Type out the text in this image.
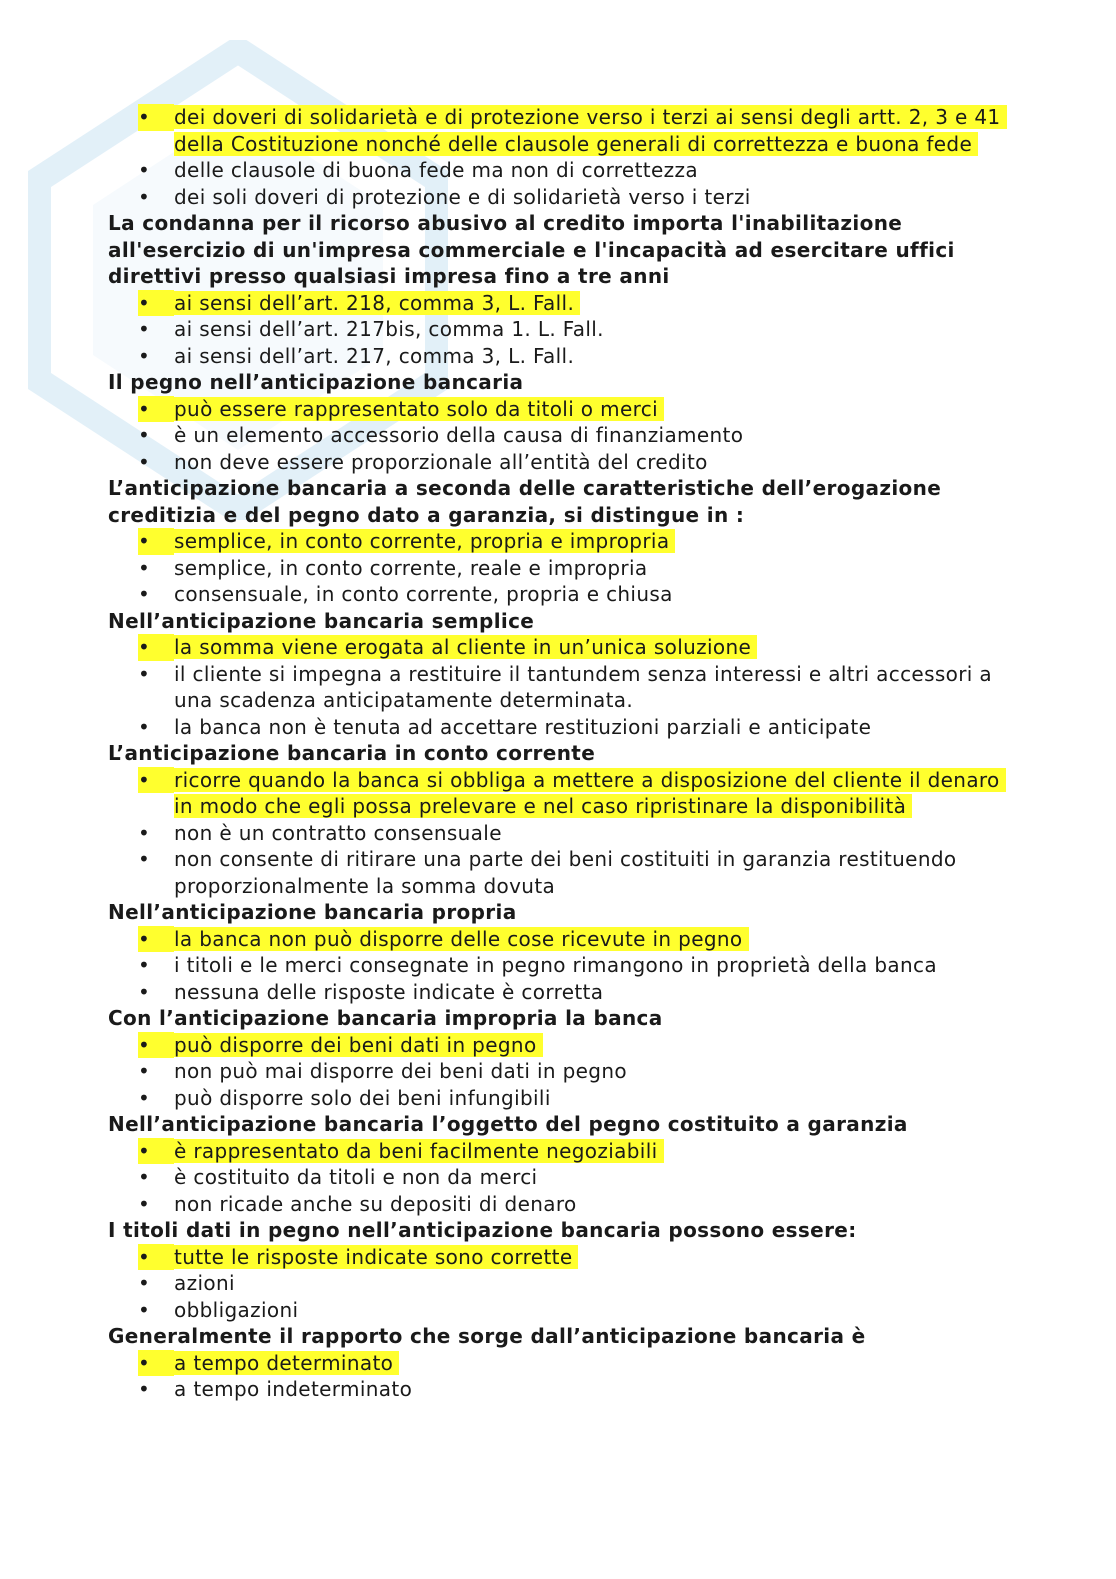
•	dei doveri di solidarietà e di protezione verso i terzi ai sensi degli artt. 2, 3 e 41 della Costituzione nonché delle clausole generali di correttezza e buona fede
• delle clausole di buona fede ma non di correttezza
• dei soli doveri di protezione e di solidarietà verso i terzi

La condanna per il ricorso abusivo al credito importa l'inabilitazione all'esercizio di un'impresa commerciale e l'incapacità ad esercitare uffici direttivi presso qualsiasi impresa fino a tre anni

•	ai sensi dell’art. 218, comma 3, L. Fall.
• ai sensi dell’art. 217bis, comma 1. L. Fall.
• ai sensi dell’art. 217, comma 3, L. Fall.

Il pegno nell’anticipazione bancaria

•	può essere rappresentato solo da titoli o merci
• è un elemento accessorio della causa di finanziamento
• non deve essere proporzionale all’entità del credito

L’anticipazione bancaria a seconda delle caratteristiche dell’erogazione creditizia e del pegno dato a garanzia, si distingue in :

•	semplice, in conto corrente, propria e impropria
• semplice, in conto corrente, reale e impropria
• consensuale, in conto corrente, propria e chiusa

Nell’anticipazione bancaria semplice

•	la somma viene erogata al cliente in un’unica soluzione
• il cliente si impegna a restituire il tantundem senza interessi e altri accessori a una scadenza anticipatamente determinata.
• la banca non è tenuta ad accettare restituzioni parziali e anticipate

L’anticipazione bancaria in conto corrente

•	ricorre quando la banca si obbliga a mettere a disposizione del cliente il denaro in modo che egli possa prelevare e nel caso ripristinare la disponibilità
• non è un contratto consensuale
• non consente di ritirare una parte dei beni costituiti in garanzia restituendo proporzionalmente la somma dovuta

Nell’anticipazione bancaria propria

•	la banca non può disporre delle cose ricevute in pegno
• i titoli e le merci consegnate in pegno rimangono in proprietà della banca
• nessuna delle risposte indicate è corretta

Con l’anticipazione bancaria impropria la banca

•	può disporre dei beni dati in pegno
• non può mai disporre dei beni dati in pegno
• può disporre solo dei beni infungibili

Nell’anticipazione bancaria l’oggetto del pegno costituito a garanzia

•	è rappresentato da beni facilmente negoziabili
• è costituito da titoli e non da merci
• non ricade anche su depositi di denaro

I titoli dati in pegno nell’anticipazione bancaria possono essere:

•	tutte le risposte indicate sono corrette
• azioni
• obbligazioni

Generalmente il rapporto che sorge dall’anticipazione bancaria è

•	a tempo determinato
• a tempo indeterminato
